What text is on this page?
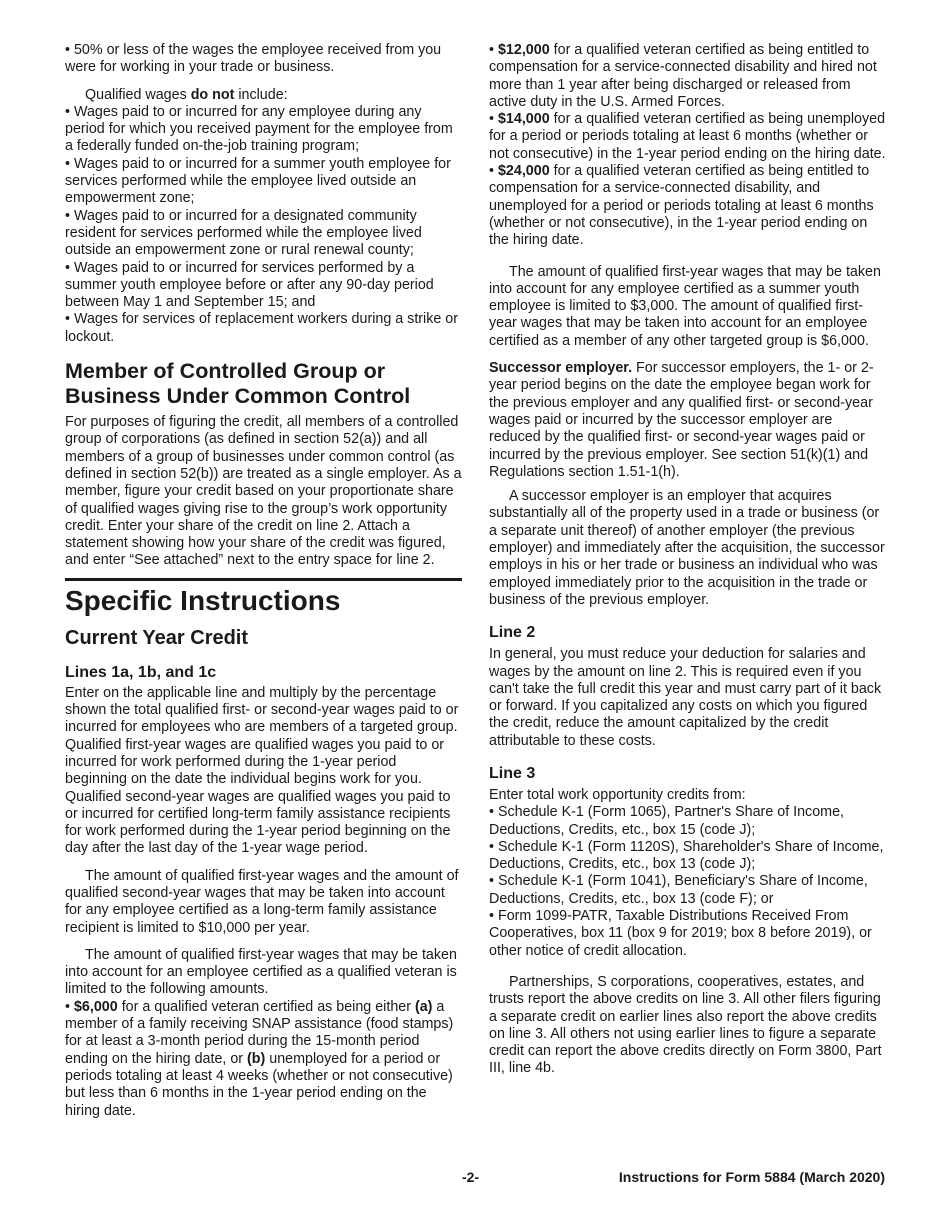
• 50% or less of the wages the employee received from you were for working in your trade or business.

Qualified wages do not include:

• Wages paid to or incurred for any employee during any period for which you received payment for the employee from a federally funded on-the-job training program;

• Wages paid to or incurred for a summer youth employee for services performed while the employee lived outside an empowerment zone;

• Wages paid to or incurred for a designated community resident for services performed while the employee lived outside an empowerment zone or rural renewal county;

• Wages paid to or incurred for services performed by a summer youth employee before or after any 90-day period between May 1 and September 15; and

• Wages for services of replacement workers during a strike or lockout.

Member of Controlled Group or
Business Under Common Control

For purposes of figuring the credit, all members of a controlled group of corporations (as defined in section 52(a)) and all members of a group of businesses under common control (as defined in section 52(b)) are treated as a single employer. As a member, figure your credit based on your proportionate share of qualified wages giving rise to the group’s work opportunity credit. Enter your share of the credit on line 2. Attach a statement showing how your share of the credit was figured, and enter “See attached” next to the entry space for line 2.

Specific Instructions
Current Year Credit
Lines 1a, 1b, and 1c

Enter on the applicable line and multiply by the percentage shown the total qualified first- or second-year wages paid to or incurred for employees who are members of a targeted group. Qualified first-year wages are qualified wages you paid to or incurred for work performed during the 1-year period beginning on the date the individual begins work for you. Qualified second-year wages are qualified wages you paid to or incurred for certified long-term family assistance recipients for work performed during the 1-year period beginning on the day after the last day of the 1-year wage period.

The amount of qualified first-year wages and the amount of qualified second-year wages that may be taken into account for any employee certified as a long-term family assistance recipient is limited to $10,000 per year.

The amount of qualified first-year wages that may be taken into account for an employee certified as a qualified veteran is limited to the following amounts.

• $6,000 for a qualified veteran certified as being either (a) a member of a family receiving SNAP assistance (food stamps) for at least a 3-month period during the 15-month period ending on the hiring date, or (b) unemployed for a period or periods totaling at least 4 weeks (whether or not consecutive) but less than 6 months in the 1-year period ending on the hiring date.

• $12,000 for a qualified veteran certified as being entitled to compensation for a service-connected disability and hired not more than 1 year after being discharged or released from active duty in the U.S. Armed Forces.

• $14,000 for a qualified veteran certified as being unemployed for a period or periods totaling at least 6 months (whether or not consecutive) in the 1-year period ending on the hiring date.

• $24,000 for a qualified veteran certified as being entitled to compensation for a service-connected disability, and unemployed for a period or periods totaling at least 6 months (whether or not consecutive), in the 1-year period ending on the hiring date.

The amount of qualified first-year wages that may be taken into account for any employee certified as a summer youth employee is limited to $3,000. The amount of qualified first-year wages that may be taken into account for an employee certified as a member of any other targeted group is $6,000.

Successor employer. For successor employers, the 1- or 2-year period begins on the date the employee began work for the previous employer and any qualified first- or second-year wages paid or incurred by the successor employer are reduced by the qualified first- or second-year wages paid or incurred by the previous employer. See section 51(k)(1) and Regulations section 1.51-1(h).

A successor employer is an employer that acquires substantially all of the property used in a trade or business (or a separate unit thereof) of another employer (the previous employer) and immediately after the acquisition, the successor employs in his or her trade or business an individual who was employed immediately prior to the acquisition in the trade or business of the previous employer.

Line 2

In general, you must reduce your deduction for salaries and wages by the amount on line 2. This is required even if you can't take the full credit this year and must carry part of it back or forward. If you capitalized any costs on which you figured the credit, reduce the amount capitalized by the credit attributable to these costs.

Line 3

Enter total work opportunity credits from:

• Schedule K-1 (Form 1065), Partner's Share of Income, Deductions, Credits, etc., box 15 (code J);

• Schedule K-1 (Form 1120S), Shareholder's Share of Income, Deductions, Credits, etc., box 13 (code J);

• Schedule K-1 (Form 1041), Beneficiary's Share of Income, Deductions, Credits, etc., box 13 (code F); or

• Form 1099-PATR, Taxable Distributions Received From Cooperatives, box 11 (box 9 for 2019; box 8 before 2019), or other notice of credit allocation.

Partnerships, S corporations, cooperatives, estates, and trusts report the above credits on line 3. All other filers figuring a separate credit on earlier lines also report the above credits on line 3. All others not using earlier lines to figure a separate credit can report the above credits directly on Form 3800, Part III, line 4b.

-2-	Instructions for Form 5884 (March 2020)
